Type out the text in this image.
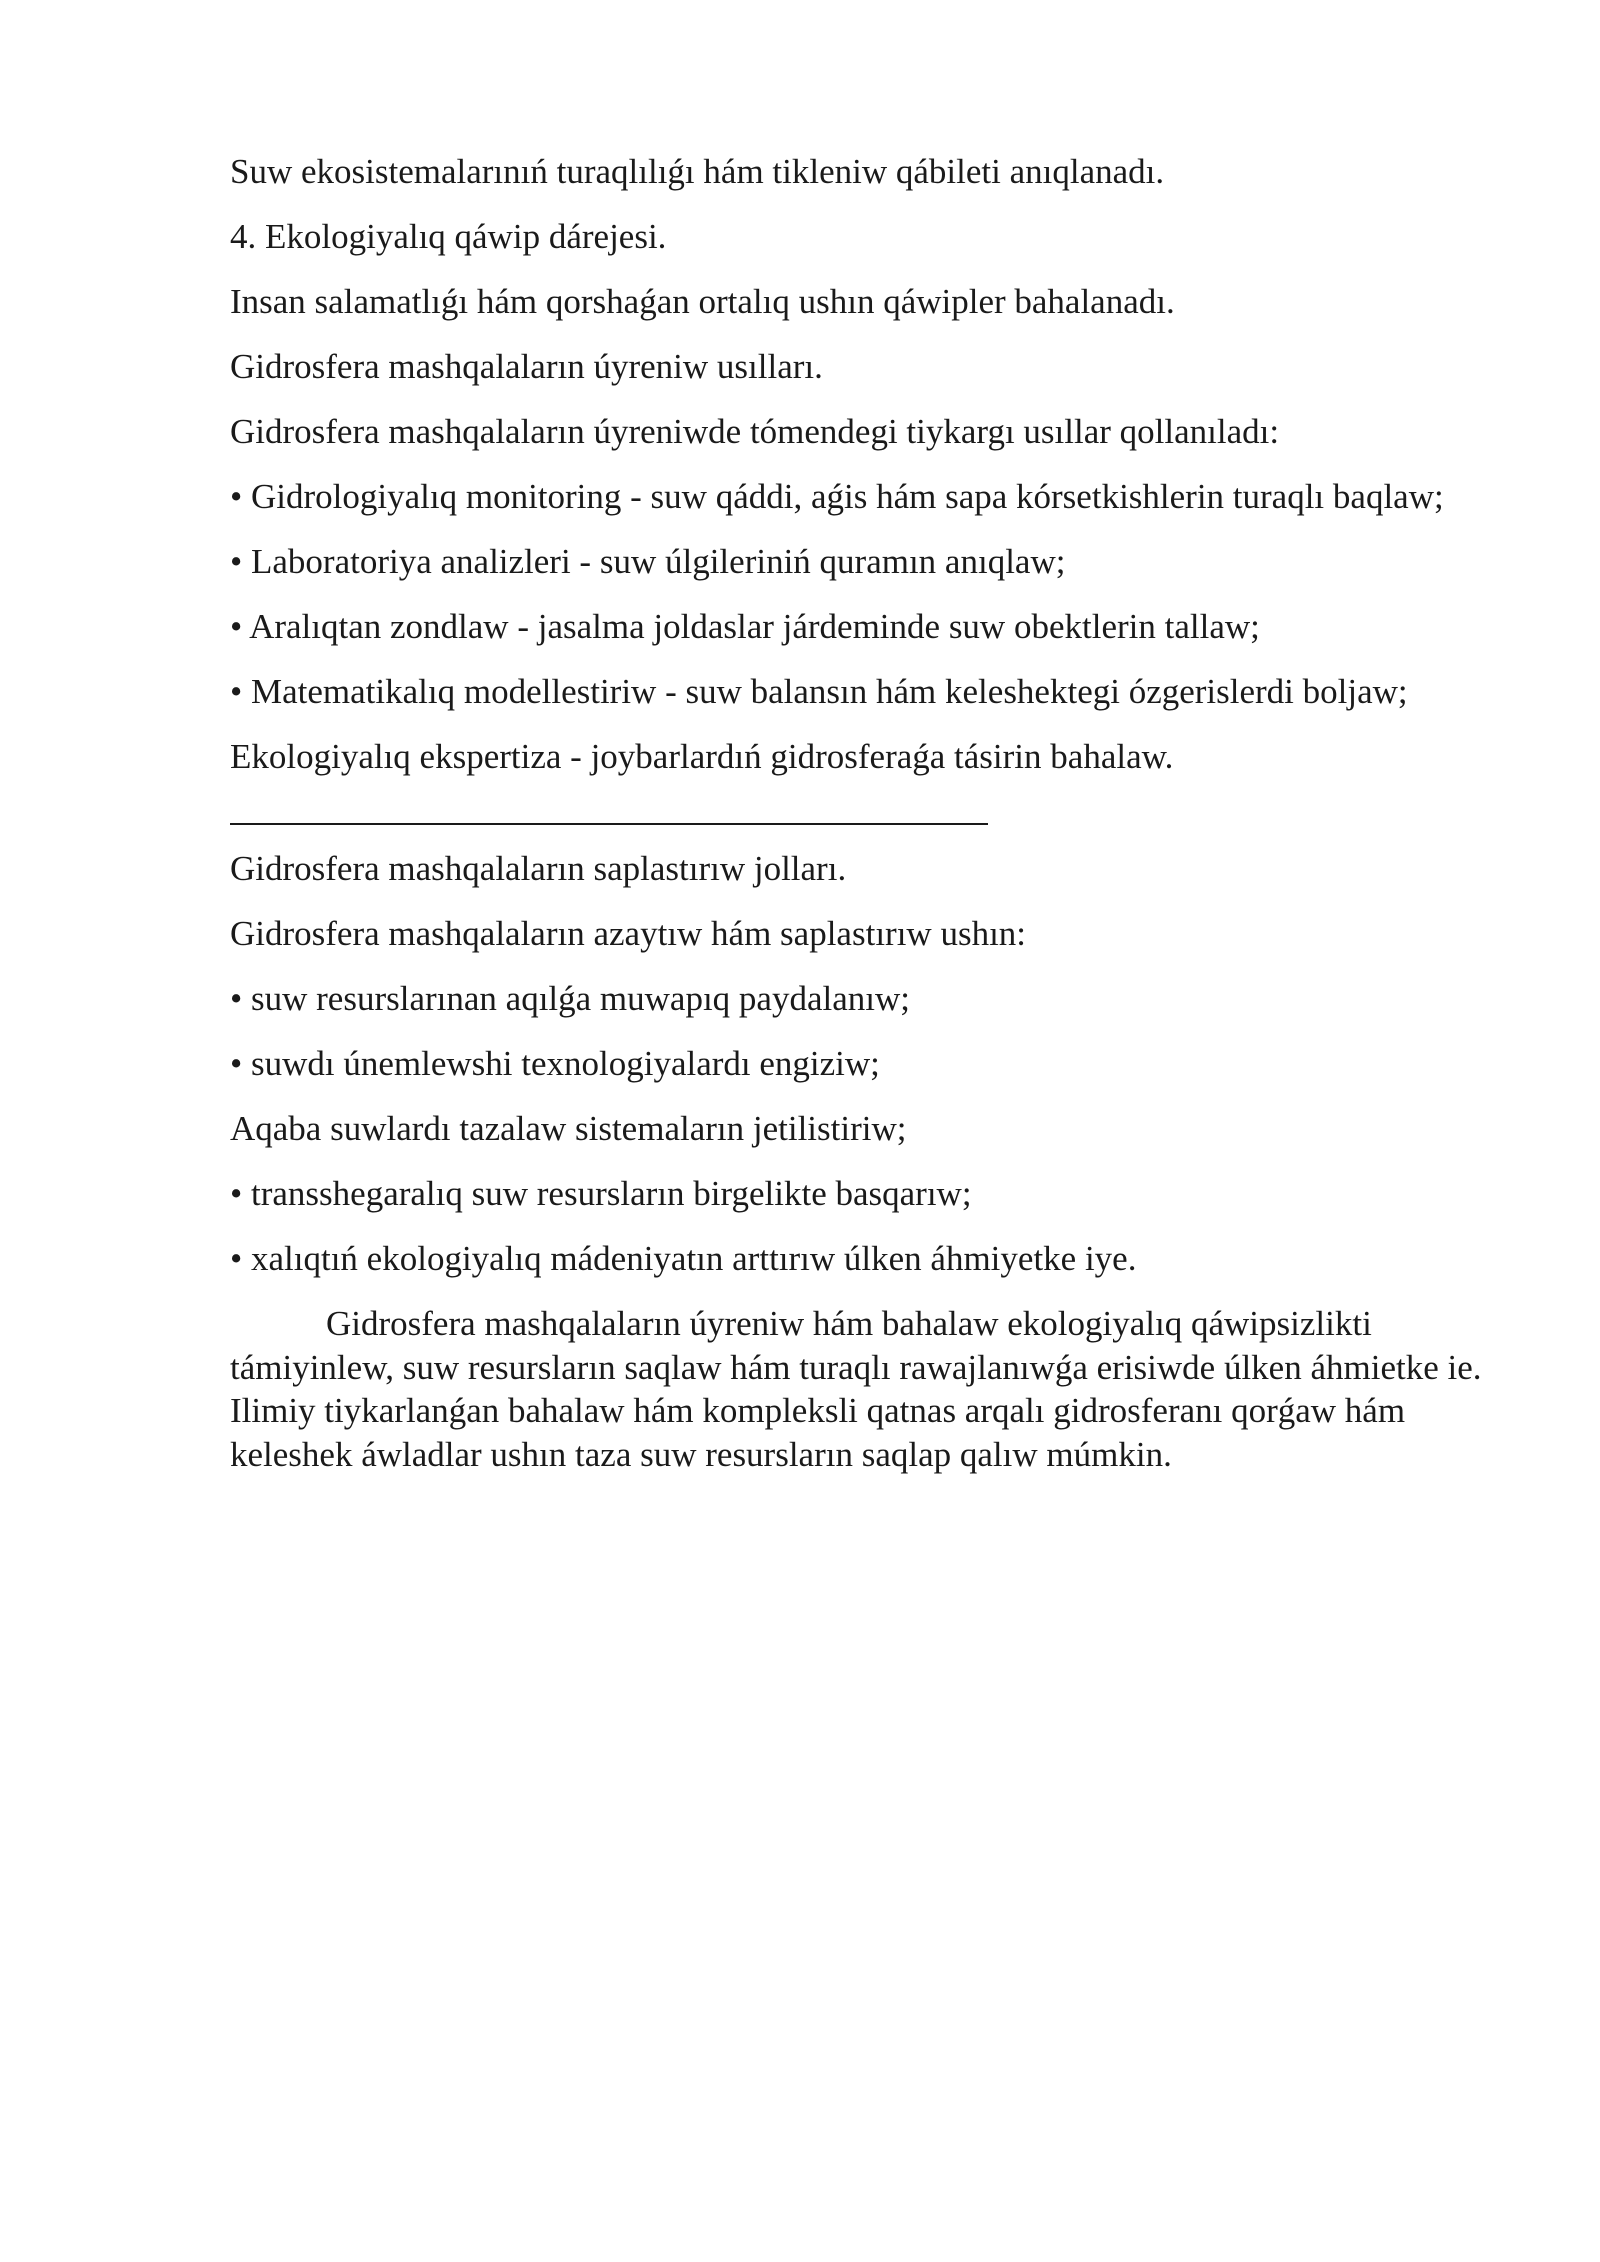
Suw ekosistemalarınıń turaqlılıǵı hám tikleniw qábileti anıqlanadı.

4. Ekologiyalıq qáwip dárejesi.

Insan salamatlıǵı hám qorshaǵan ortalıq ushın qáwipler bahalanadı.

Gidrosfera mashqalaların úyreniw usılları.

Gidrosfera mashqalaların úyreniwde tómendegi tiykargı usıllar qollanıladı:

• Gidrologiyalıq monitoring - suw qáddi, aǵis hám sapa kórsetkishlerin turaqlı baqlaw;

• Laboratoriya analizleri - suw úlgileriniń quramın anıqlaw;

• Aralıqtan zondlaw - jasalma joldaslar járdeminde suw obektlerin tallaw;

• Matematikalıq modellestiriw - suw balansın hám keleshektegi ózgerislerdi boljaw;

Ekologiyalıq ekspertiza - joybarlardıń gidrosferaǵa tásirin bahalaw.

Gidrosfera mashqalaların saplastırıw jolları.

Gidrosfera mashqalaların azaytıw hám saplastırıw ushın:

• suw resurslarınan aqılǵa muwapıq paydalanıw;

• suwdı únemlewshi texnologiyalardı engiziw;

Aqaba suwlardı tazalaw sistemaların jetilistiriw;

• transshegaralıq suw resursların birgelikte basqarıw;

• xalıqtıń ekologiyalıq mádeniyatın arttırıw úlken áhmiyetke iye.

Gidrosfera mashqalaların úyreniw hám bahalaw ekologiyalıq qáwipsizlikti támiyinlew, suw resursların saqlaw hám turaqlı rawajlanıwǵa erisiwde úlken áhmietke ie. Ilimiy tiykarlanǵan bahalaw hám kompleksli qatnas arqalı gidrosferanı qorǵaw hám keleshek áwladlar ushın taza suw resursların saqlap qalıw múmkin.
